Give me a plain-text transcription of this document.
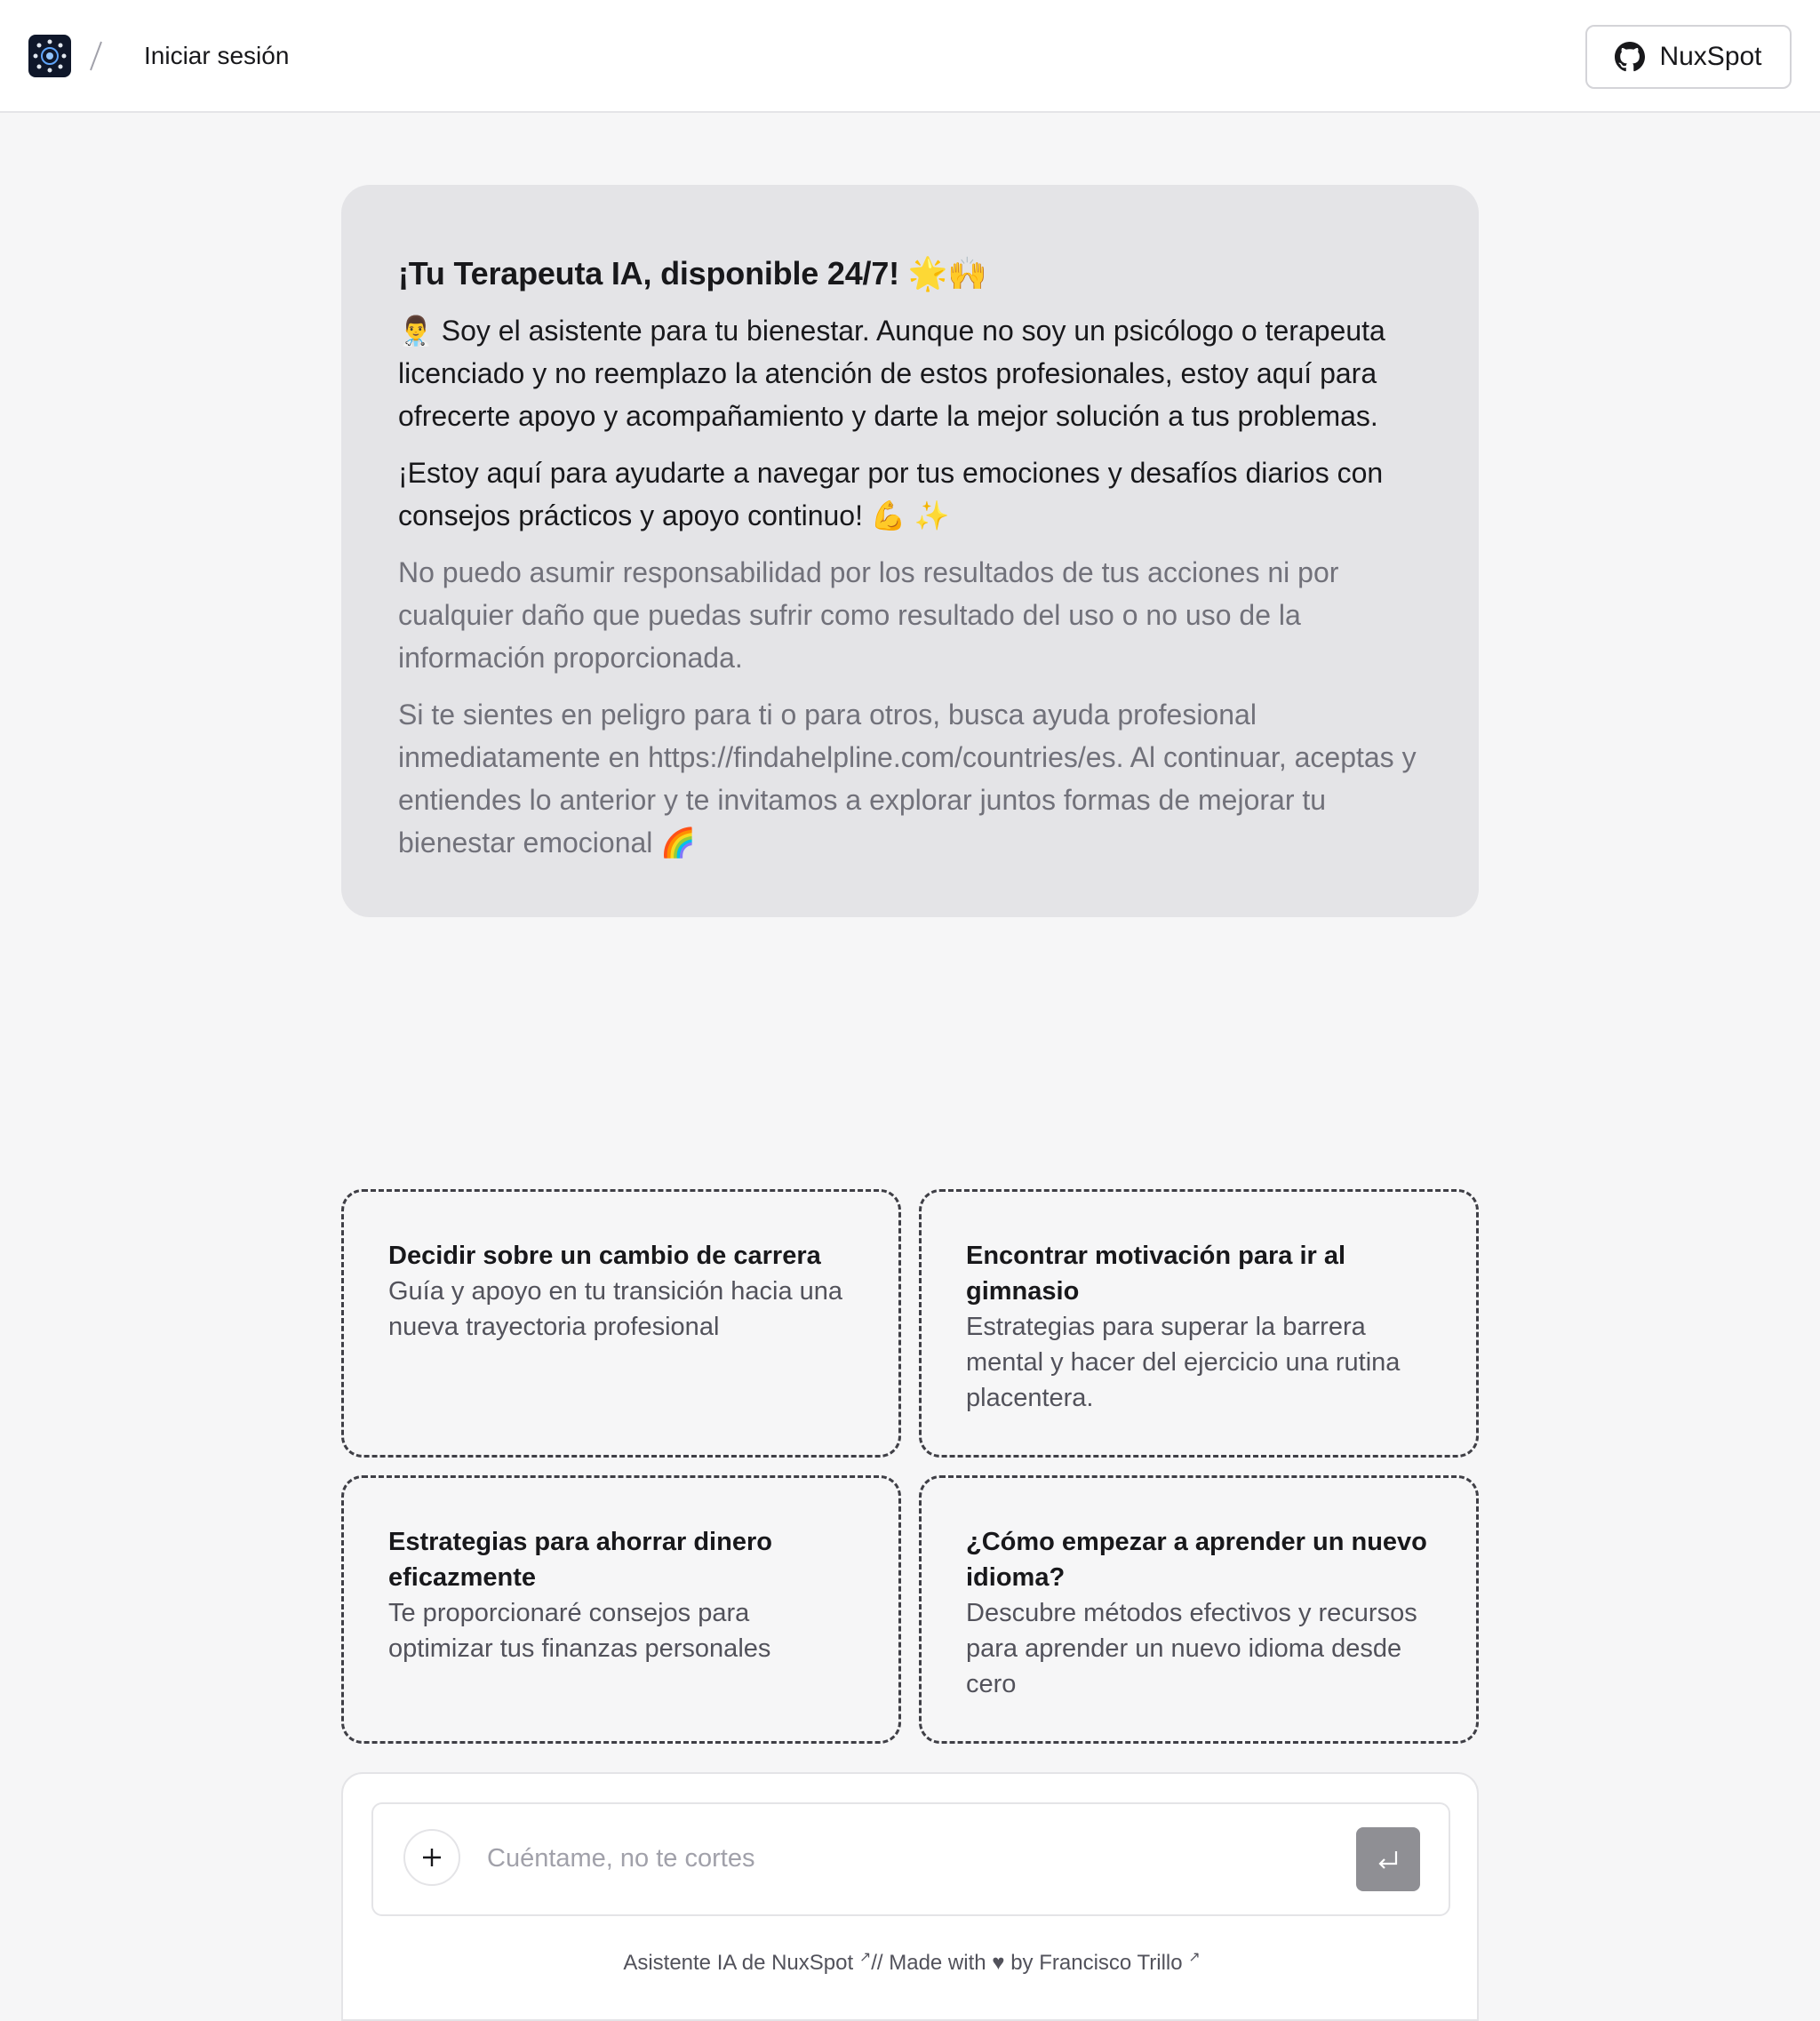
Iniciar sesión	NuxSpot
¡Tu Terapeuta IA, disponible 24/7! 🌟🙌

👨‍⚕️ Soy el asistente para tu bienestar. Aunque no soy un psicólogo o terapeuta licenciado y no reemplazo la atención de estos profesionales, estoy aquí para ofrecerte apoyo y acompañamiento y darte la mejor solución a tus problemas.

¡Estoy aquí para ayudarte a navegar por tus emociones y desafíos diarios con consejos prácticos y apoyo continuo! 💪 ✨

No puedo asumir responsabilidad por los resultados de tus acciones ni por cualquier daño que puedas sufrir como resultado del uso o no uso de la información proporcionada.

Si te sientes en peligro para ti o para otros, busca ayuda profesional inmediatamente en https://findahelpline.com/countries/es. Al continuar, aceptas y entiendes lo anterior y te invitamos a explorar juntos formas de mejorar tu bienestar emocional 🌈

Decidir sobre un cambio de carrera
Guía y apoyo en tu transición hacia una nueva trayectoria profesional
Encontrar motivación para ir al gimnasio
Estrategias para superar la barrera mental y hacer del ejercicio una rutina placentera.
Estrategias para ahorrar dinero eficazmente
Te proporcionaré consejos para optimizar tus finanzas personales
¿Cómo empezar a aprender un nuevo idioma?
Descubre métodos efectivos y recursos para aprender un nuevo idioma desde cero
Cuéntame, no te cortes
Asistente IA de NuxSpot ↗// Made with ♥ by Francisco Trillo ↗
